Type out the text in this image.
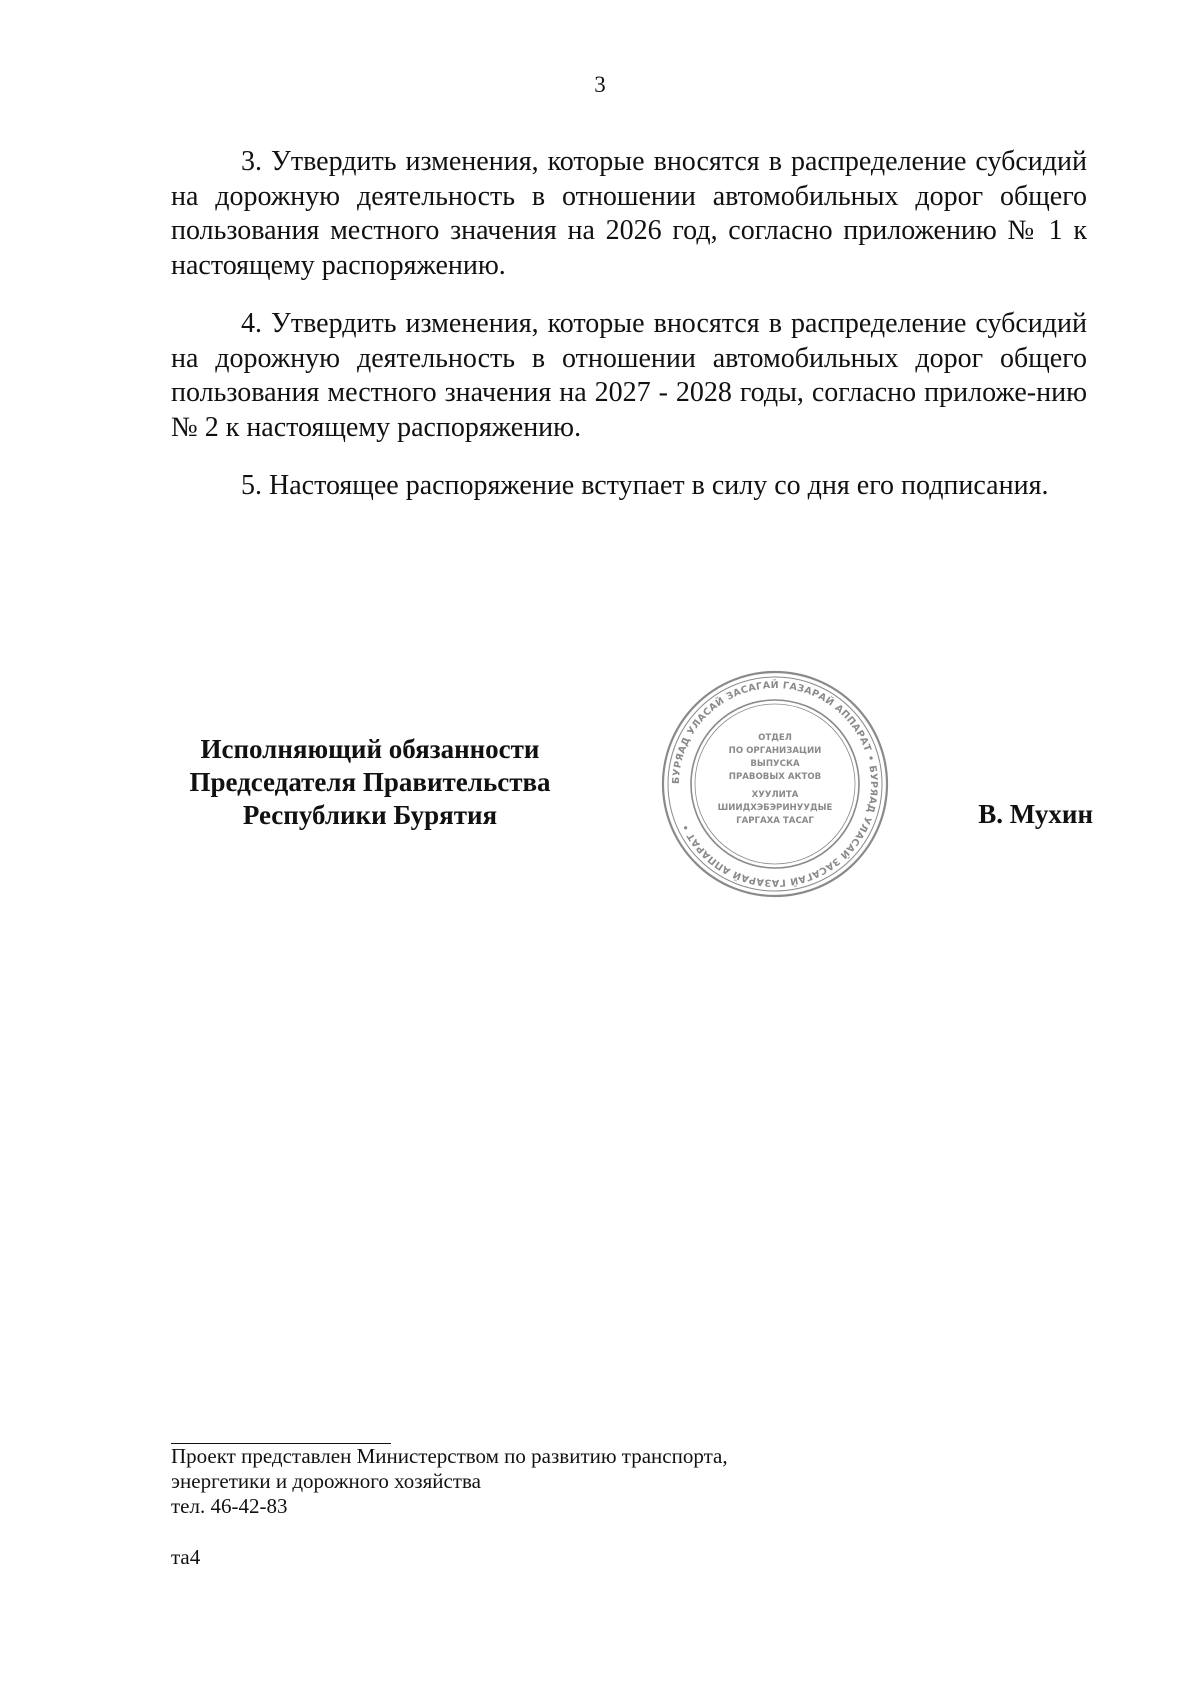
3

3. Утвердить изменения, которые вносятся в распределение субсидий на дорожную деятельность в отношении автомобильных дорог общего пользования местного значения на 2026 год, согласно приложению № 1 к настоящему распоряжению.

4. Утвердить изменения, которые вносятся в распределение субсидий на дорожную деятельность в отношении автомобильных дорог общего пользования местного значения на 2027 - 2028 годы, согласно приложе-нию № 2 к настоящему распоряжению.

5. Настоящее распоряжение вступает в силу со дня его подписания.

Исполняющий обязанности
Председателя Правительства
Республики Бурятия
БУРЯАД УЛАСАЙ ЗАСАГАЙ ГАЗАРАЙ АППАРАТ • БУРЯАД УЛАСАЙ ЗАСАГАЙ ГАЗАРАЙ АППАРАТ •
ОТДЕЛ
ПО ОРГАНИЗАЦИИ
ВЫПУСКА
ПРАВОВЫХ АКТОВ
ХУУЛИТА
ШИИДХЭБЭРИНУУДЫЕ
ГАРГАХА ТАСАГ	В. Мухин
Проект представлен Министерством по развитию транспорта,
энергетики и дорожного хозяйства
тел. 46-42-83
та4
